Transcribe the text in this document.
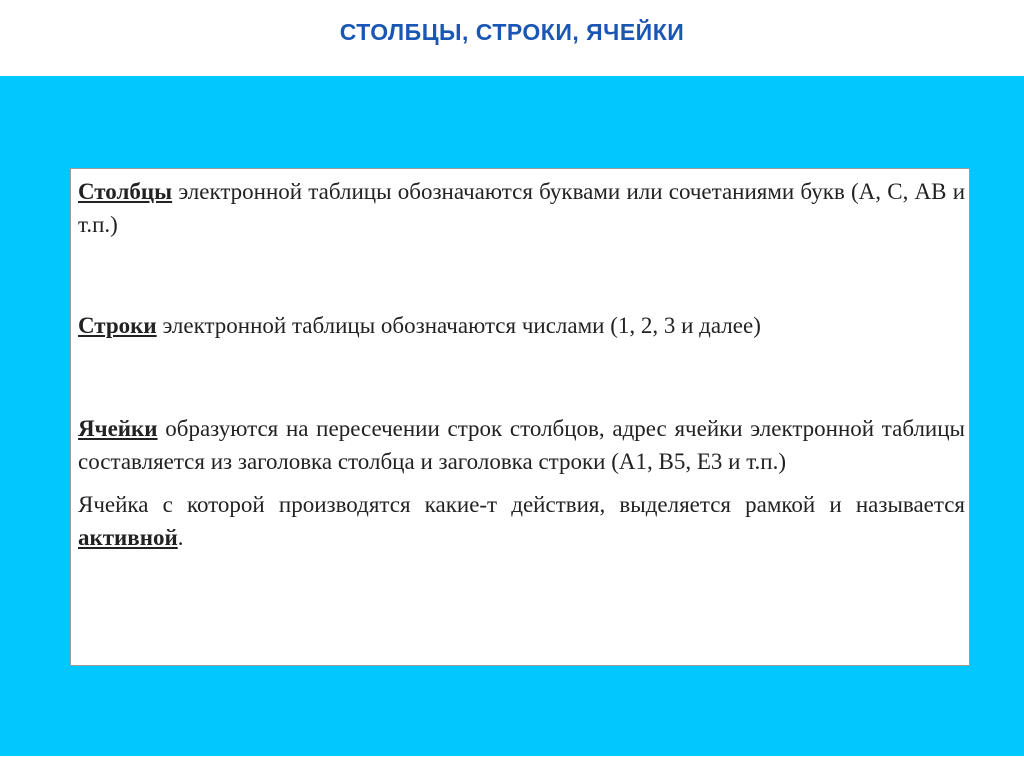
СТОЛБЦЫ, СТРОКИ, ЯЧЕЙКИ

Столбцы электронной таблицы обозначаются буквами или сочетаниями букв (А, С, АВ и т.п.)

Строки электронной таблицы обозначаются числами (1, 2, 3 и далее)

Ячейки образуются на пересечении строк столбцов, адрес ячейки электронной таблицы составляется из заголовка столбца и заголовка строки (A1, B5, E3 и т.п.)

Ячейка с которой производятся какие-т действия, выделяется рамкой и называется активной.
